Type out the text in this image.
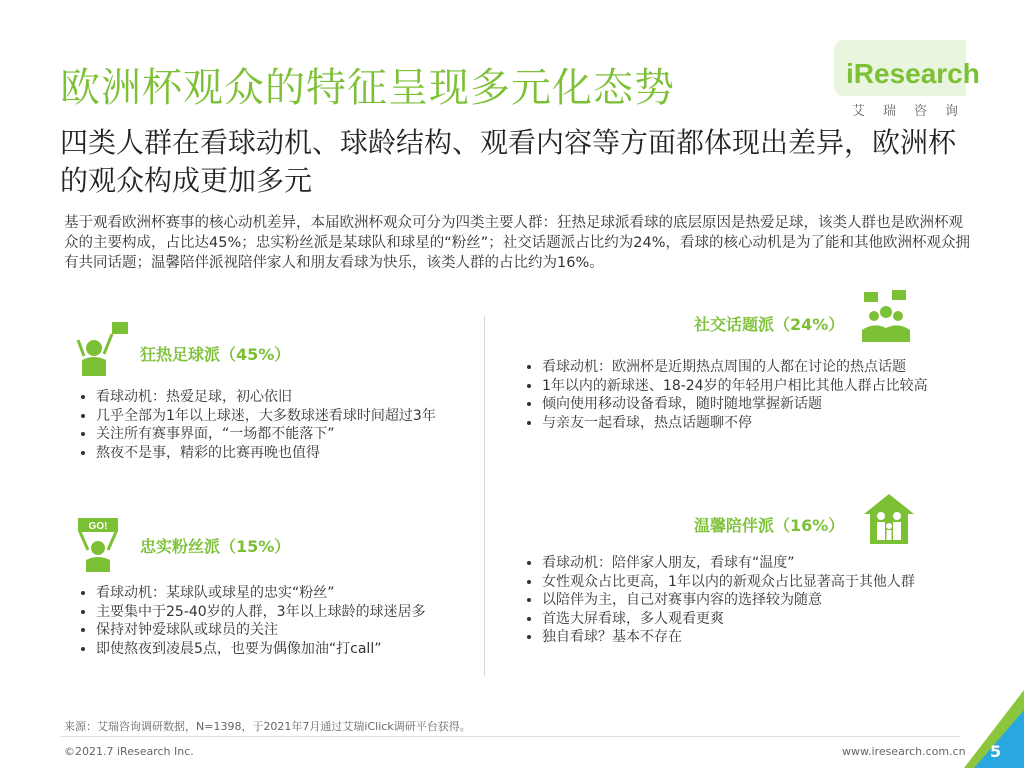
iResearch
艾瑞咨询
欧洲杯观众的特征呈现多元化态势
四类人群在看球动机、球龄结构、观看内容等方面都体现出差异，欧洲杯的观众构成更加多元
基于观看欧洲杯赛事的核心动机差异，本届欧洲杯观众可分为四类主要人群：狂热足球派看球的底层原因是热爱足球，该类人群也是欧洲杯观众的主要构成，占比达45%；忠实粉丝派是某球队和球星的“粉丝”；社交话题派占比约为24%，看球的核心动机是为了能和其他欧洲杯观众拥有共同话题；温馨陪伴派视陪伴家人和朋友看球为快乐，该类人群的占比约为16%。
狂热足球派（45%）
• 看球动机：热爱足球，初心依旧
• 几乎全部为1年以上球迷，大多数球迷看球时间超过3年
• 关注所有赛事界面，“一场都不能落下”
• 熬夜不是事，精彩的比赛再晚也值得
GO!
忠实粉丝派（15%）
• 看球动机：某球队或球星的忠实“粉丝”
• 主要集中于25-40岁的人群，3年以上球龄的球迷居多
• 保持对钟爱球队或球员的关注
• 即使熬夜到凌晨5点，也要为偶像加油“打call”
社交话题派（24%）
• 看球动机：欧洲杯是近期热点周围的人都在讨论的热点话题
• 1年以内的新球迷、18-24岁的年轻用户相比其他人群占比较高
• 倾向使用移动设备看球，随时随地掌握新话题
• 与亲友一起看球，热点话题聊不停
温馨陪伴派（16%）
• 看球动机：陪伴家人朋友，看球有“温度”
• 女性观众占比更高，1年以内的新观众占比显著高于其他人群
• 以陪伴为主，自己对赛事内容的选择较为随意
• 首选大屏看球，多人观看更爽
• 独自看球？基本不存在
来源：艾瑞咨询调研数据，N=1398，于2021年7月通过艾瑞iClick调研平台获得。
©2021.7 iResearch Inc.	www.iresearch.com.cn 5
